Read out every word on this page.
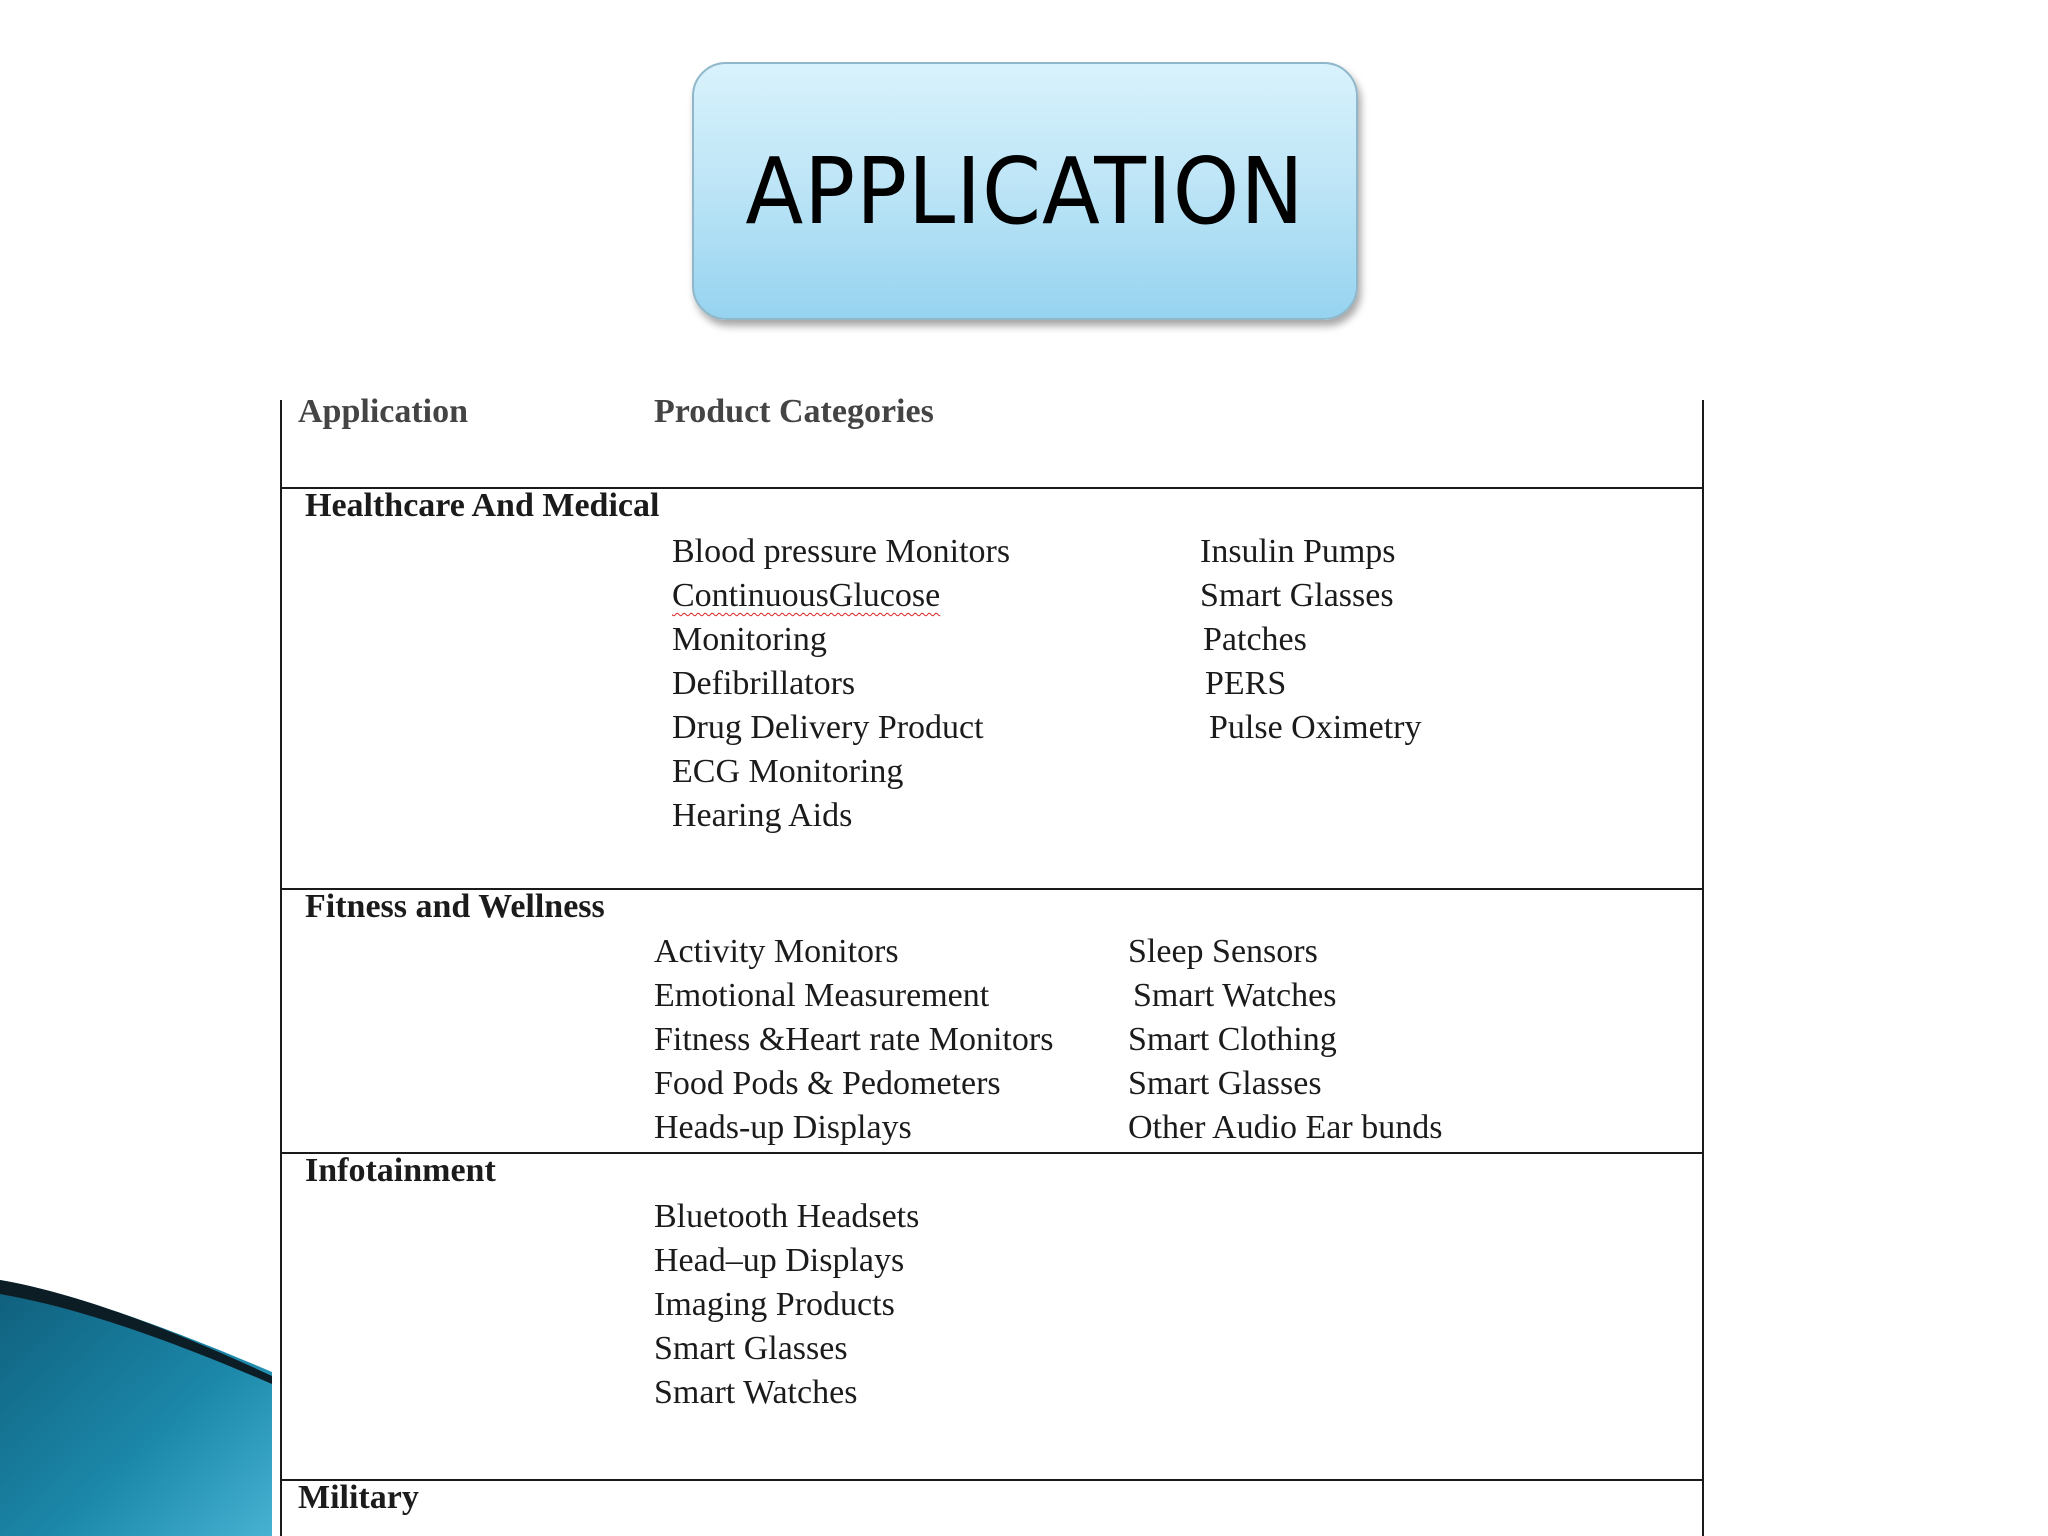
APPLICATION
Application	Product Categories
Healthcare And Medical
Blood pressure Monitors
ContinuousGlucose
Monitoring
Defibrillators
Drug Delivery Product
ECG Monitoring
Hearing Aids
Insulin Pumps
Smart Glasses
Patches
PERS
Pulse Oximetry
Fitness and Wellness
Activity Monitors
Emotional Measurement
Fitness &Heart rate Monitors
Food Pods & Pedometers
Heads-up Displays
Sleep Sensors
Smart Watches
Smart Clothing
Smart Glasses
Other Audio Ear bunds
Infotainment
Bluetooth Headsets
Head–up Displays
Imaging Products
Smart Glasses
Smart Watches
Military
